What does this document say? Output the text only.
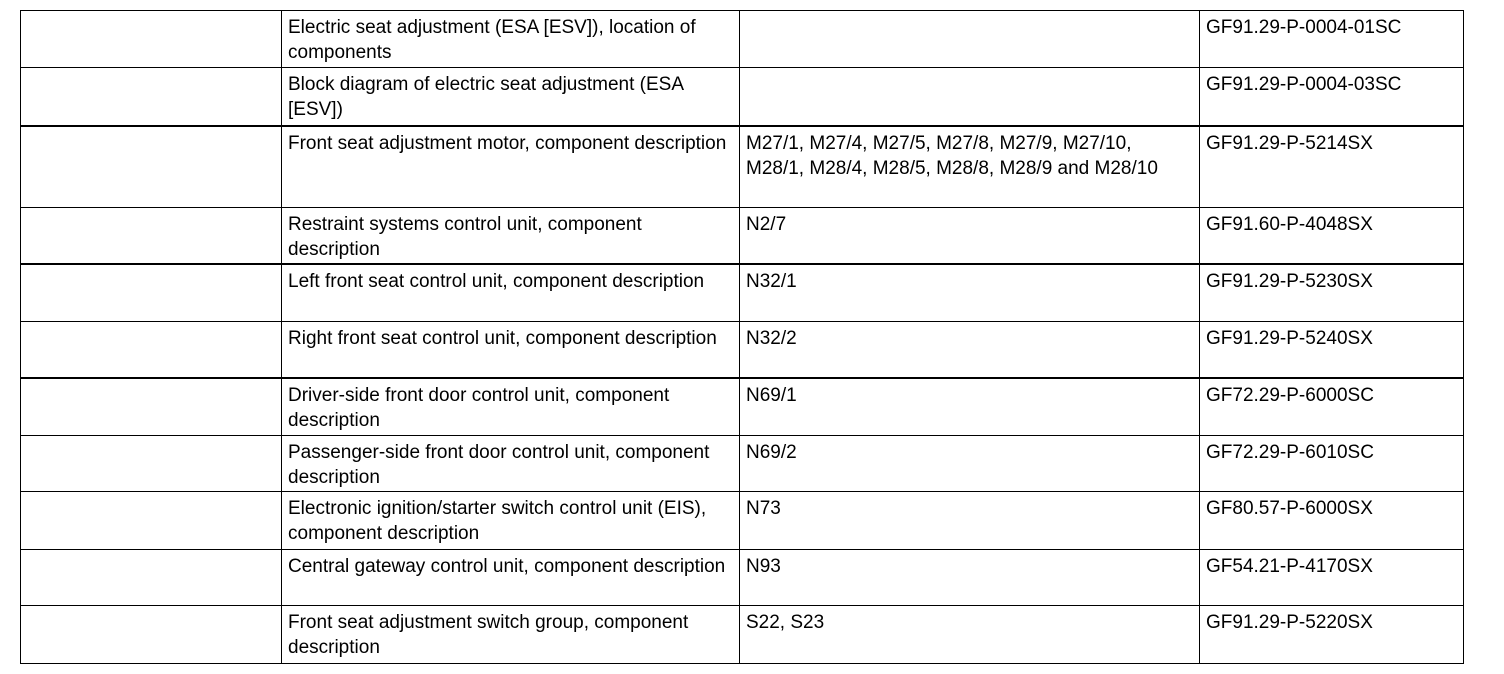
	Electric seat adjustment (ESA [ESV]), location of components		GF91.29-P-0004-01SC
	Block diagram of electric seat adjustment (ESA [ESV])		GF91.29-P-0004-03SC
	Front seat adjustment motor, component description	M27/1, M27/4, M27/5, M27/8, M27/9, M27/10, M28/1, M28/4, M28/5, M28/8, M28/9 and M28/10	GF91.29-P-5214SX
	Restraint systems control unit, component description	N2/7	GF91.60-P-4048SX
	Left front seat control unit, component description	N32/1	GF91.29-P-5230SX
	Right front seat control unit, component description	N32/2	GF91.29-P-5240SX
	Driver-side front door control unit, component description	N69/1	GF72.29-P-6000SC
	Passenger-side front door control unit, component description	N69/2	GF72.29-P-6010SC
	Electronic ignition/starter switch control unit (EIS), component description	N73	GF80.57-P-6000SX
	Central gateway control unit, component description	N93	GF54.21-P-4170SX
	Front seat adjustment switch group, component description	S22, S23	GF91.29-P-5220SX
